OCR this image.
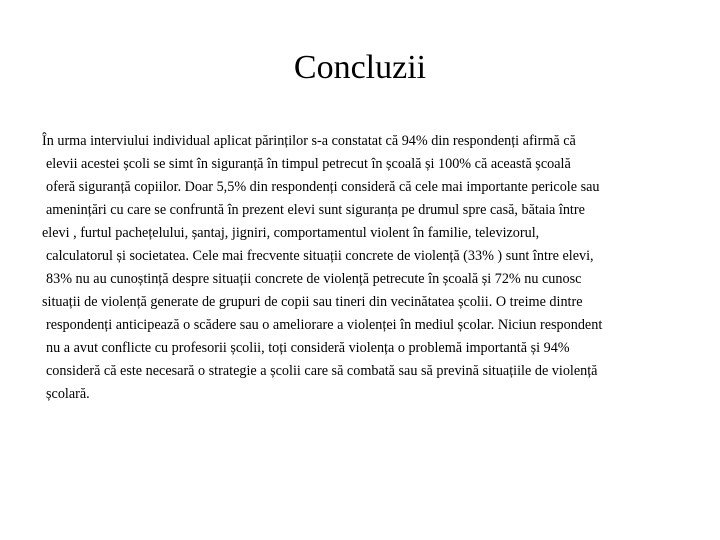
Concluzii
În urma interviului individual aplicat părinților s-a constatat că 94% din respondenți afirmă că
elevii acestei școli se simt în siguranță în timpul petrecut în școală și 100% că această școală
oferă siguranță copiilor. Doar 5,5% din respondenți consideră că cele mai importante pericole sau
amenințări cu care se confruntă în prezent elevi sunt siguranța pe drumul spre casă, bătaia între
elevi , furtul pachețelului, șantaj, jigniri, comportamentul violent în familie, televizorul,
calculatorul și societatea. Cele mai frecvente situații concrete de violență (33% ) sunt între elevi,
83% nu au cunoștință despre situații concrete de violență petrecute în școală și 72% nu cunosc
situații de violență generate de grupuri de copii sau tineri din vecinătatea școlii. O treime dintre
respondenți anticipează o scădere sau o ameliorare a violenței în mediul școlar. Niciun respondent
nu a avut conflicte cu profesorii școlii, toți consideră violența o problemă importantă și 94%
consideră că este necesară o strategie a școlii care să combată sau să prevină situațiile de violență
școlară.
